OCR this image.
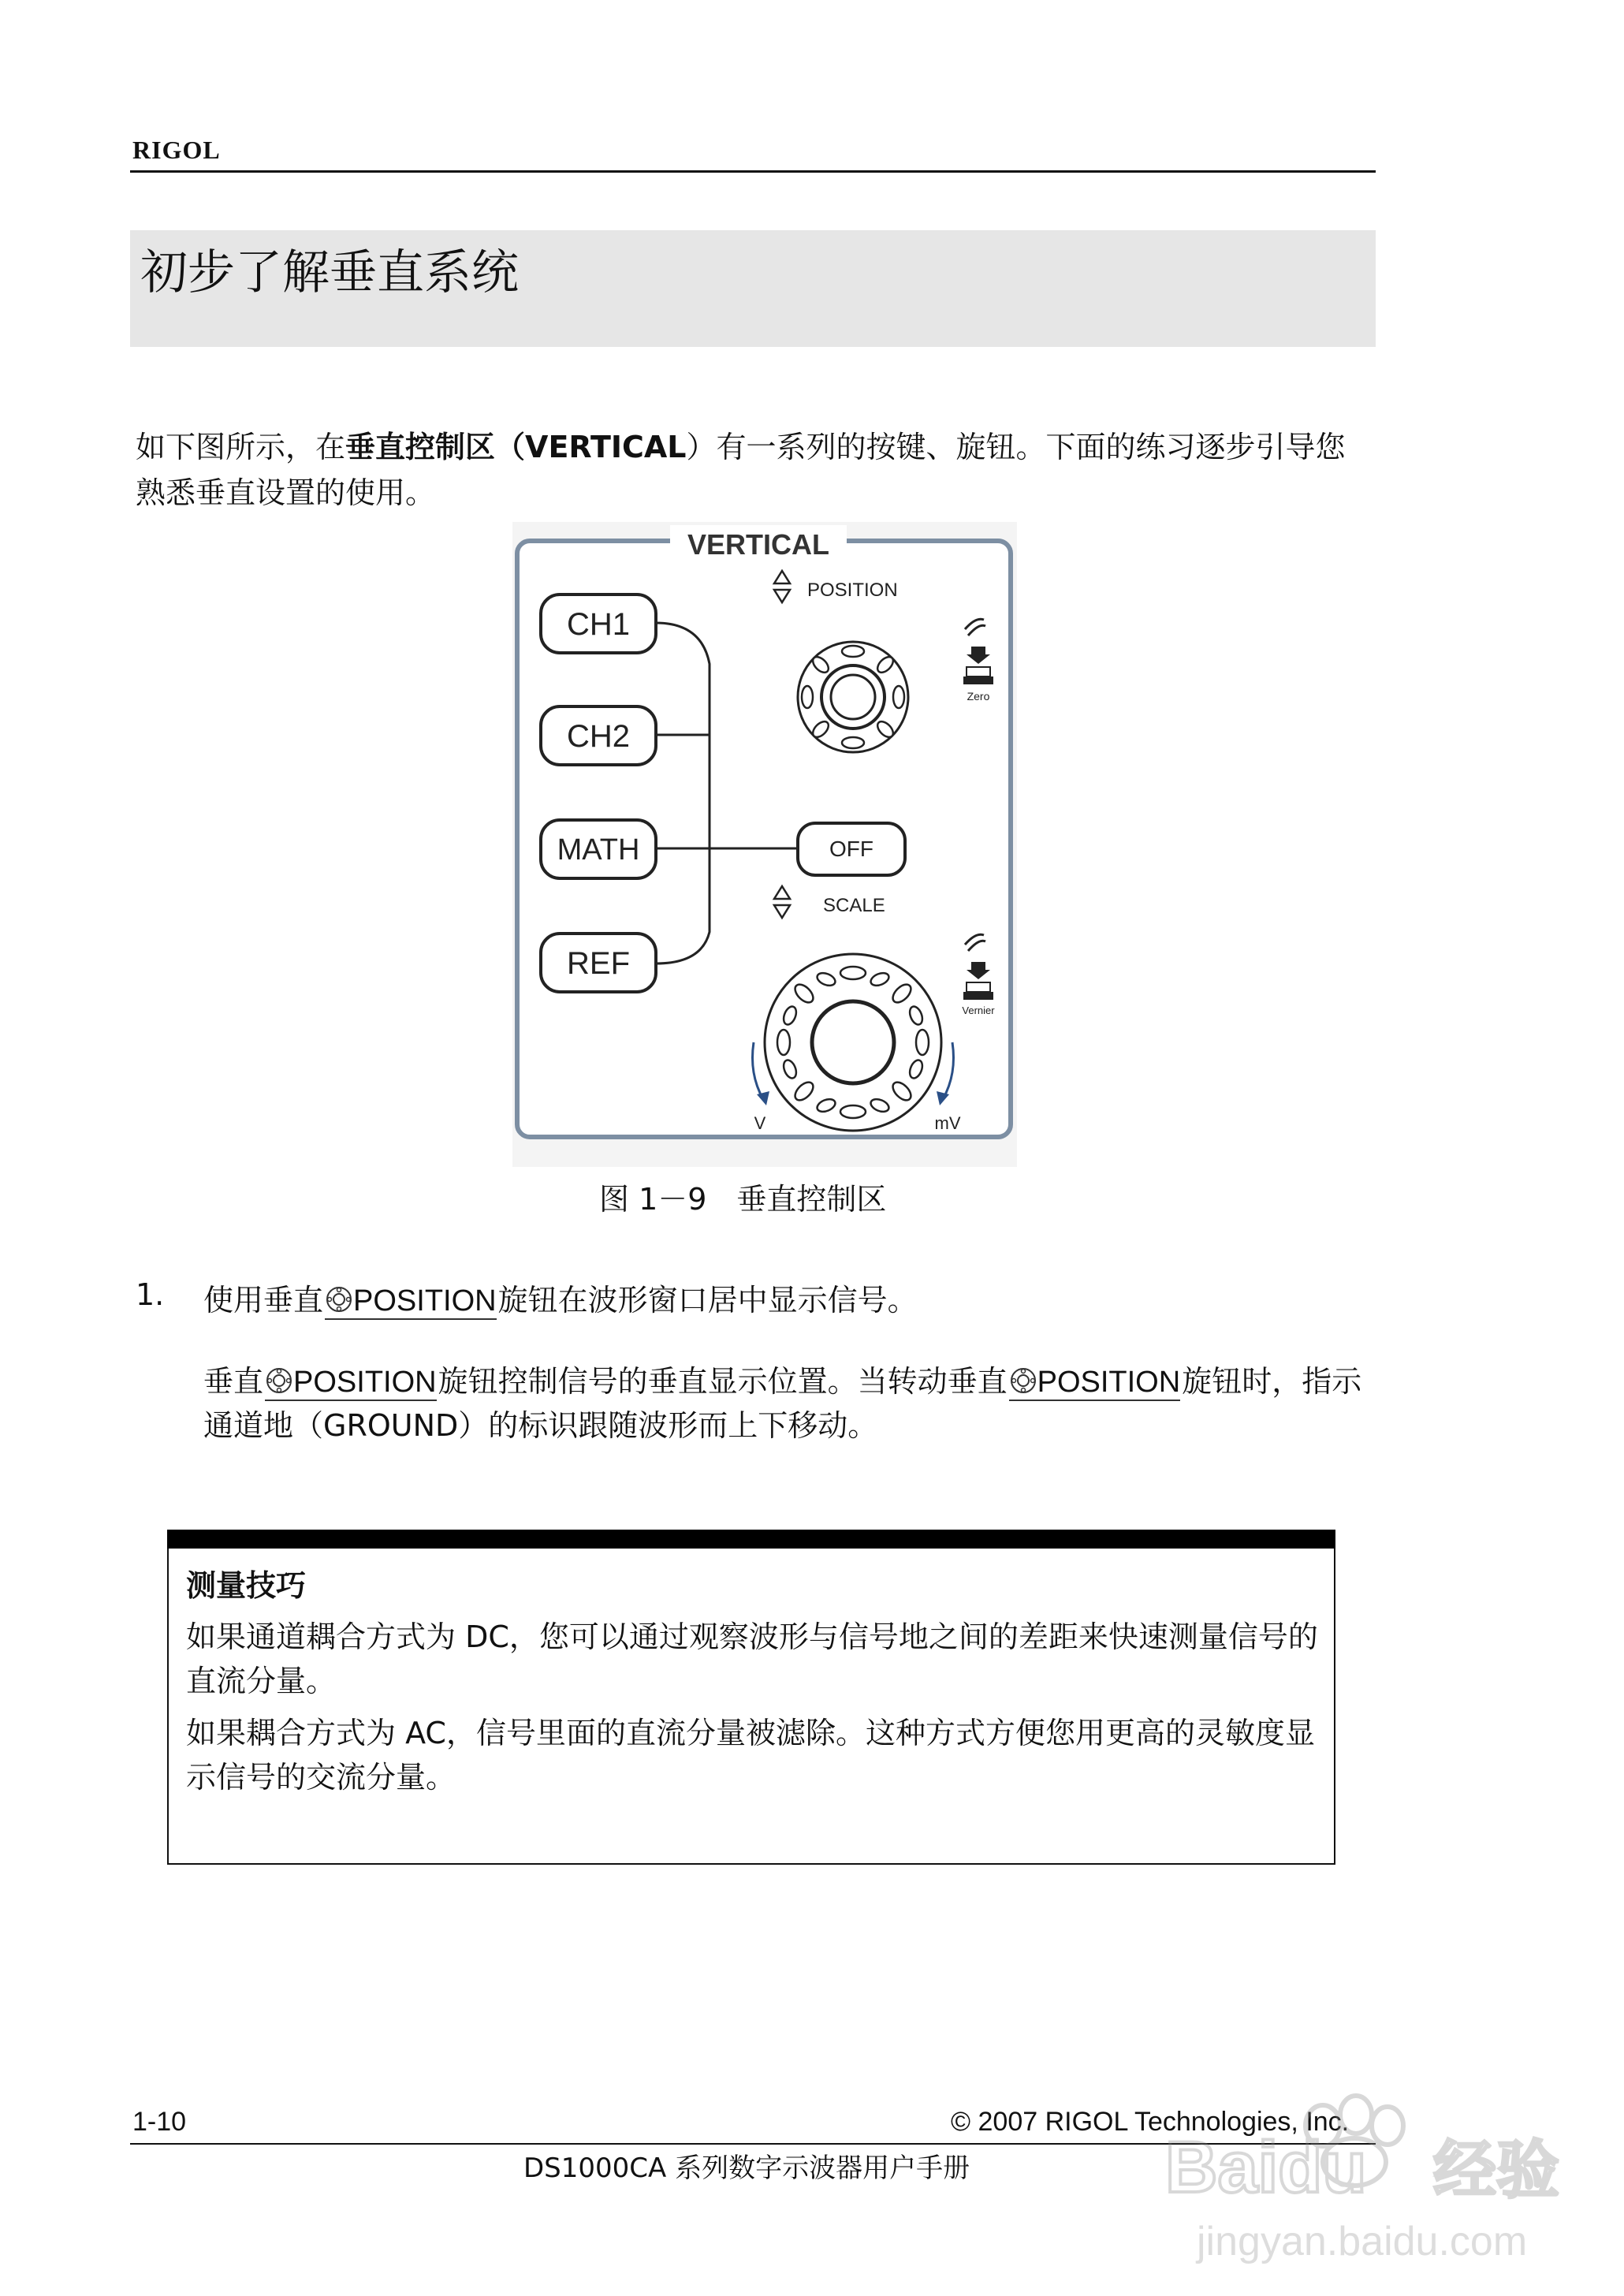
RIGOL
初步了解垂直系统
如下图所示，在垂直控制区（VERTICAL）有一系列的按键、旋钮。下面的练习逐步引导您熟悉垂直设置的使用。
VERTICAL
CH1
CH2
MATH
REF
OFF
POSITION
Zero
SCALE
Vernier
V	mV
图 1－9　垂直控制区
1. 使用垂直 POSITION旋钮在波形窗口居中显示信号。
垂直 POSITION旋钮控制信号的垂直显示位置。当转动垂直 POSITION旋钮时，指示通道地（GROUND）的标识跟随波形而上下移动。
测量技巧
如果通道耦合方式为 DC，您可以通过观察波形与信号地之间的差距来快速测量信号的直流分量。
如果耦合方式为 AC，信号里面的直流分量被滤除。这种方式方便您用更高的灵敏度显示信号的交流分量。
1-10	© 2007 RIGOL Technologies, Inc.
DS1000CA 系列数字示波器用户手册	Baidu 经验
jingyan.baidu.com
